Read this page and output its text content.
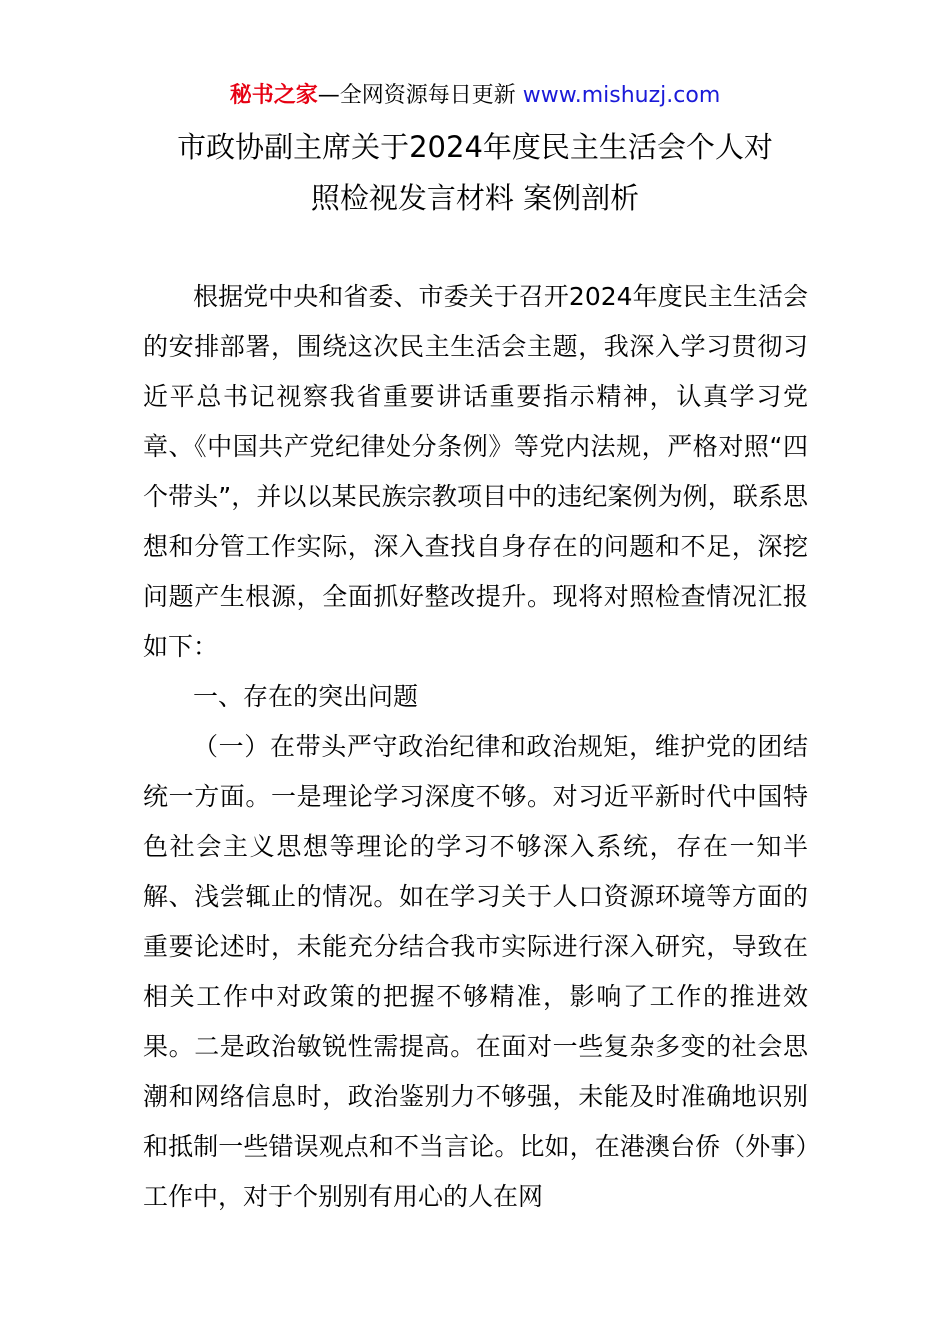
秘书之家—全网资源每日更新 www.mishuzj.com
市政协副主席关于2024年度民主生活会个人对
照检视发言材料 案例剖析

根据党中央和省委、市委关于召开2024年度民主生活会的安排部署，围绕这次民主生活会主题，我深入学习贯彻习近平总书记视察我省重要讲话重要指示精神，认真学习党章、《中国共产党纪律处分条例》等党内法规，严格对照“四个带头”，并以以某民族宗教项目中的违纪案例为例，联系思想和分管工作实际，深入查找自身存在的问题和不足，深挖问题产生根源，全面抓好整改提升。现将对照检查情况汇报如下：

一、存在的突出问题

（一）在带头严守政治纪律和政治规矩，维护党的团结统一方面。一是理论学习深度不够。对习近平新时代中国特色社会主义思想等理论的学习不够深入系统，存在一知半解、浅尝辄止的情况。如在学习关于人口资源环境等方面的重要论述时，未能充分结合我市实际进行深入研究，导致在相关工作中对政策的把握不够精准，影响了工作的推进效果。二是政治敏锐性需提高。在面对一些复杂多变的社会思潮和网络信息时，政治鉴别力不够强，未能及时准确地识别和抵制一些错误观点和不当言论。比如，在港澳台侨（外事）工作中，对于个别别有用心的人在网
